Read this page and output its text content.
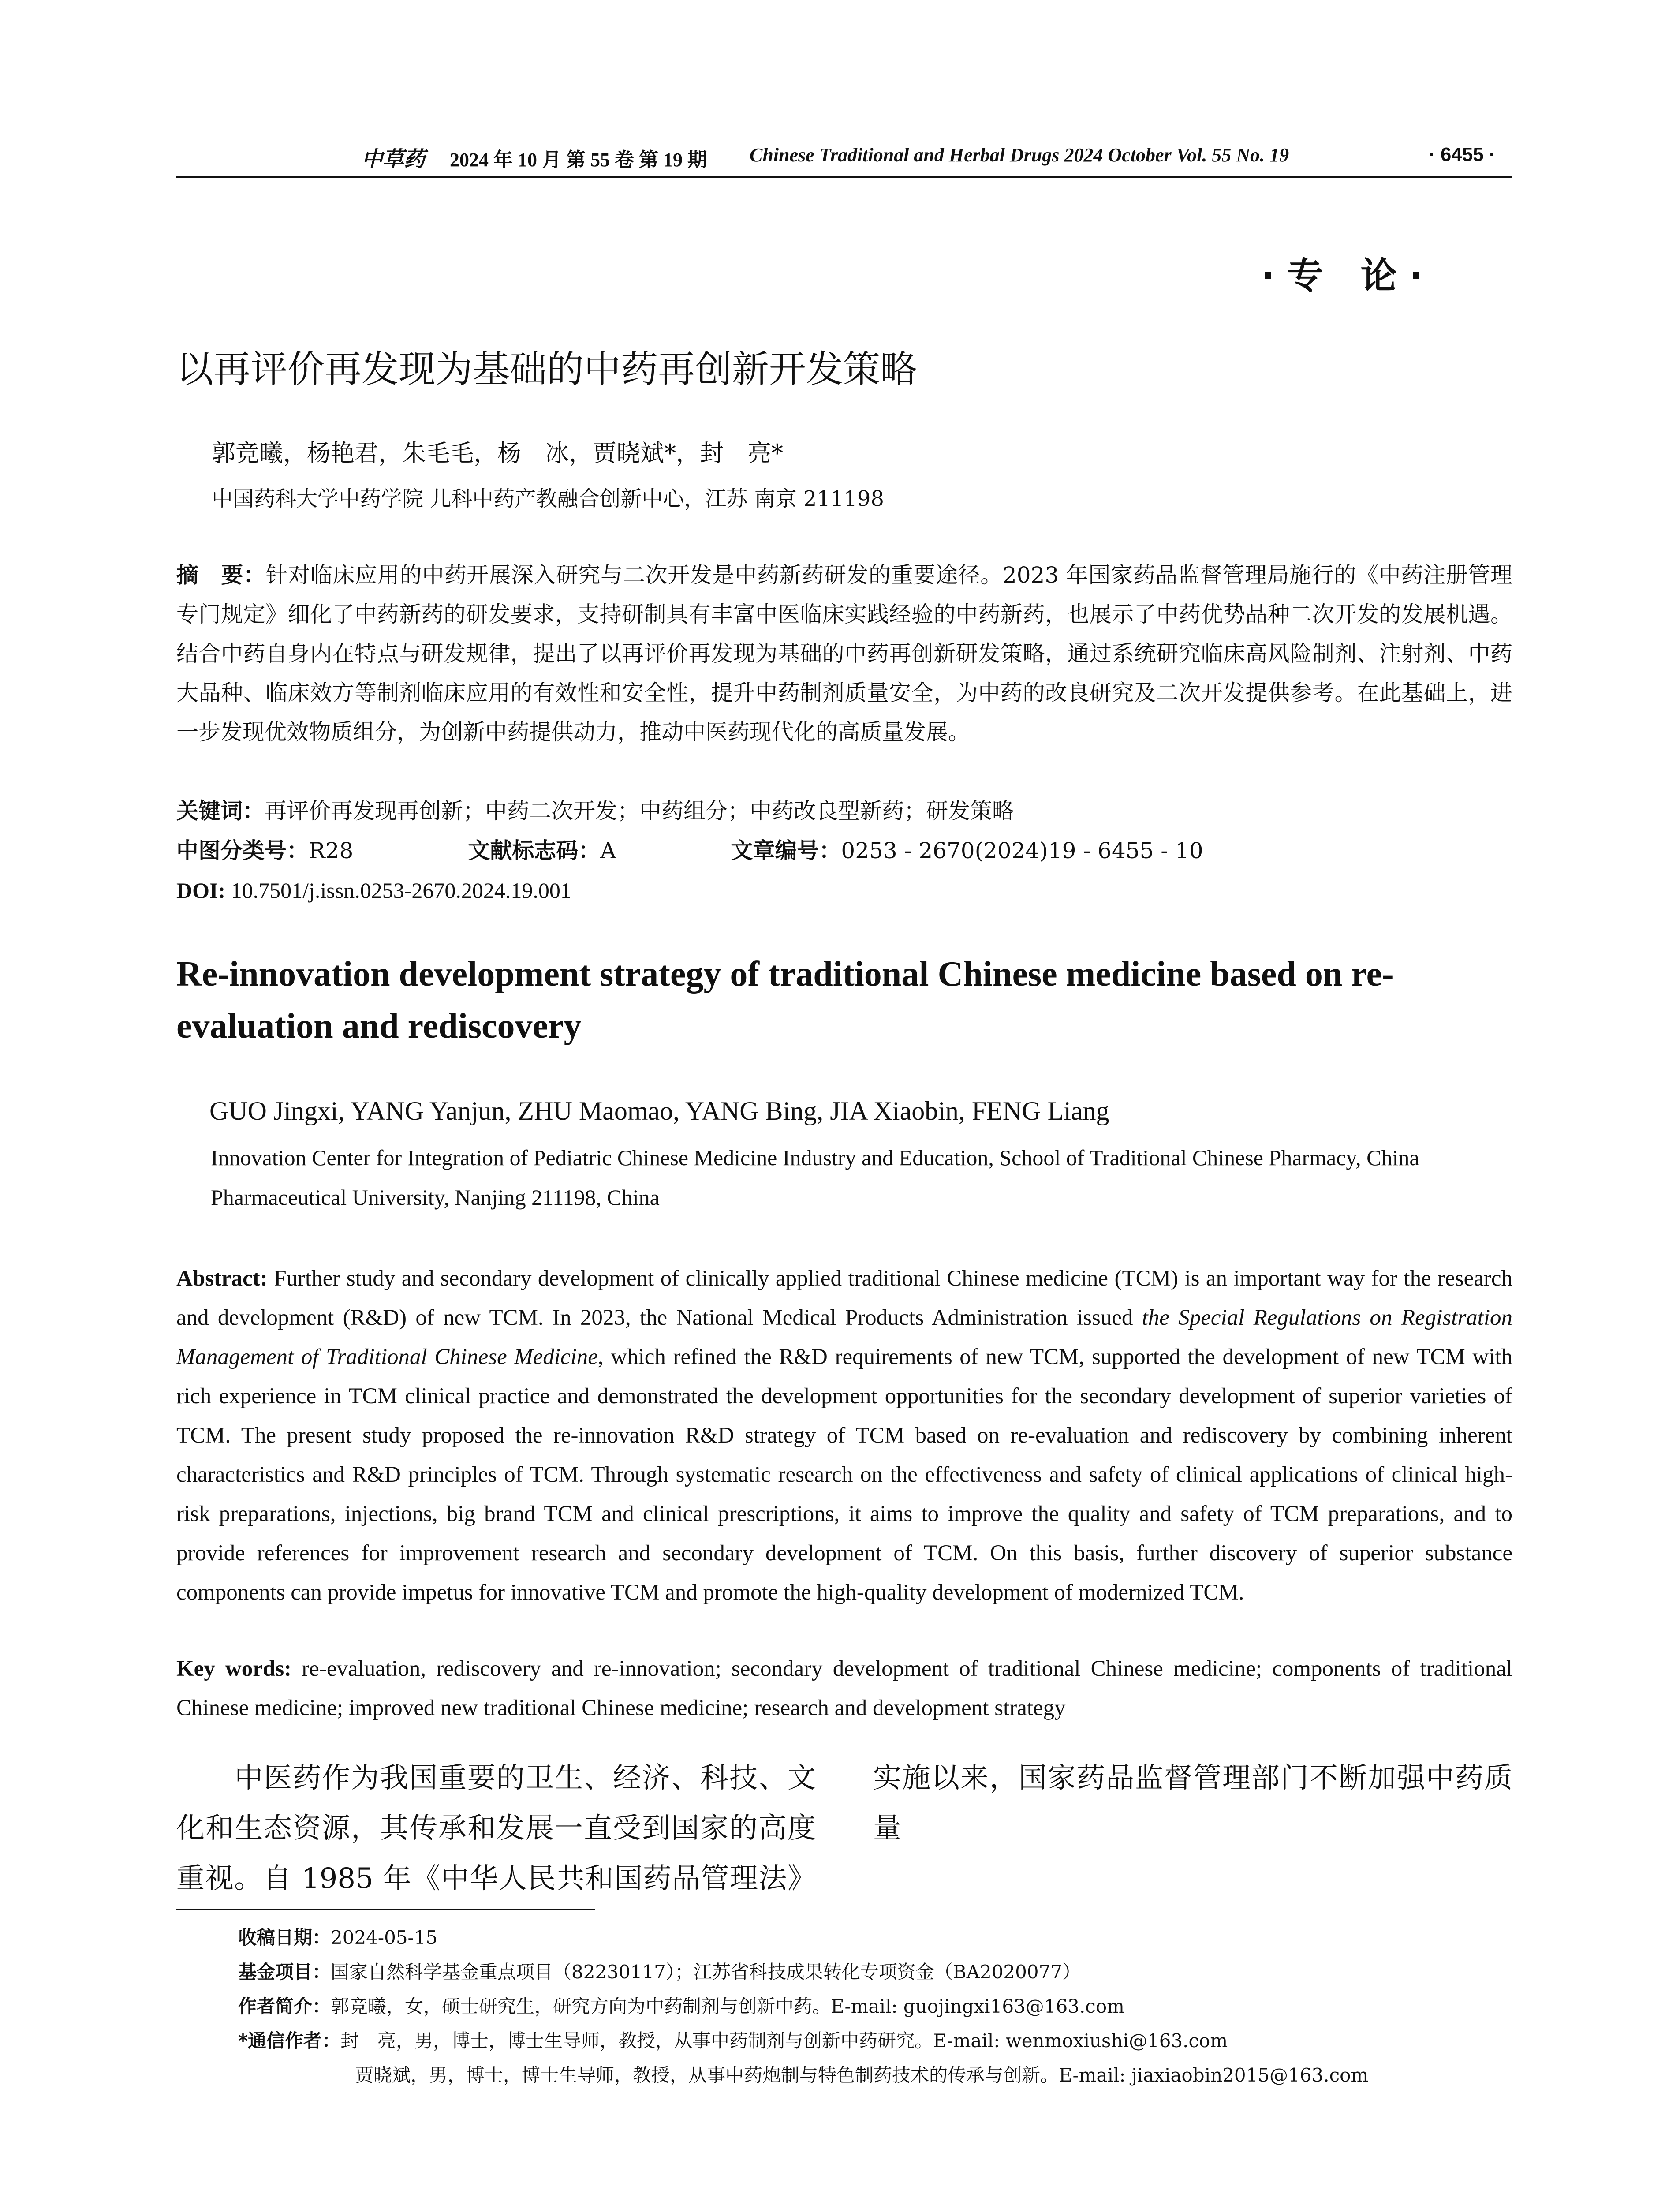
中草药 2024 年 10 月 第 55 卷 第 19 期 Chinese Traditional and Herbal Drugs 2024 October Vol. 55 No. 19	· 6455 ·
·专 论·
以再评价再发现为基础的中药再创新开发策略
郭竞曦，杨艳君，朱毛毛，杨　冰，贾晓斌*，封　亮*
中国药科大学中药学院 儿科中药产教融合创新中心，江苏 南京 211198
摘　要：针对临床应用的中药开展深入研究与二次开发是中药新药研发的重要途径。2023 年国家药品监督管理局施行的《中药注册管理专门规定》细化了中药新药的研发要求，支持研制具有丰富中医临床实践经验的中药新药，也展示了中药优势品种二次开发的发展机遇。结合中药自身内在特点与研发规律，提出了以再评价再发现为基础的中药再创新研发策略，通过系统研究临床高风险制剂、注射剂、中药大品种、临床效方等制剂临床应用的有效性和安全性，提升中药制剂质量安全，为中药的改良研究及二次开发提供参考。在此基础上，进一步发现优效物质组分，为创新中药提供动力，推动中医药现代化的高质量发展。
关键词：再评价再发现再创新；中药二次开发；中药组分；中药改良型新药；研发策略
中图分类号：R28	文献标志码：A	文章编号：0253 - 2670(2024)19 - 6455 - 10
DOI: 10.7501/j.issn.0253-2670.2024.19.001
Re-innovation development strategy of traditional Chinese medicine based on re-evaluation and rediscovery
GUO Jingxi, YANG Yanjun, ZHU Maomao, YANG Bing, JIA Xiaobin, FENG Liang
Innovation Center for Integration of Pediatric Chinese Medicine Industry and Education, School of Traditional Chinese Pharmacy, China Pharmaceutical University, Nanjing 211198, China
Abstract: Further study and secondary development of clinically applied traditional Chinese medicine (TCM) is an important way for the research and development (R&D) of new TCM. In 2023, the National Medical Products Administration issued the Special Regulations on Registration Management of Traditional Chinese Medicine, which refined the R&D requirements of new TCM, supported the development of new TCM with rich experience in TCM clinical practice and demonstrated the development opportunities for the secondary development of superior varieties of TCM. The present study proposed the re-innovation R&D strategy of TCM based on re-evaluation and rediscovery by combining inherent characteristics and R&D principles of TCM. Through systematic research on the effectiveness and safety of clinical applications of clinical high-risk preparations, injections, big brand TCM and clinical prescriptions, it aims to improve the quality and safety of TCM preparations, and to provide references for improvement research and secondary development of TCM. On this basis, further discovery of superior substance components can provide impetus for innovative TCM and promote the high-quality development of modernized TCM.
Key words: re-evaluation, rediscovery and re-innovation; secondary development of traditional Chinese medicine; components of traditional Chinese medicine; improved new traditional Chinese medicine; research and development strategy
　　中医药作为我国重要的卫生、经济、科技、文化和生态资源，其传承和发展一直受到国家的高度重视。自 1985 年《中华人民共和国药品管理法》实施以来，国家药品监督管理部门不断加强中药质量
收稿日期：2024-05-15
基金项目：国家自然科学基金重点项目（82230117）；江苏省科技成果转化专项资金（BA2020077）
作者简介：郭竞曦，女，硕士研究生，研究方向为中药制剂与创新中药。E-mail: guojingxi163@163.com
*通信作者：封　亮，男，博士，博士生导师，教授，从事中药制剂与创新中药研究。E-mail: wenmoxiushi@163.com
贾晓斌，男，博士，博士生导师，教授，从事中药炮制与特色制药技术的传承与创新。E-mail: jiaxiaobin2015@163.com
